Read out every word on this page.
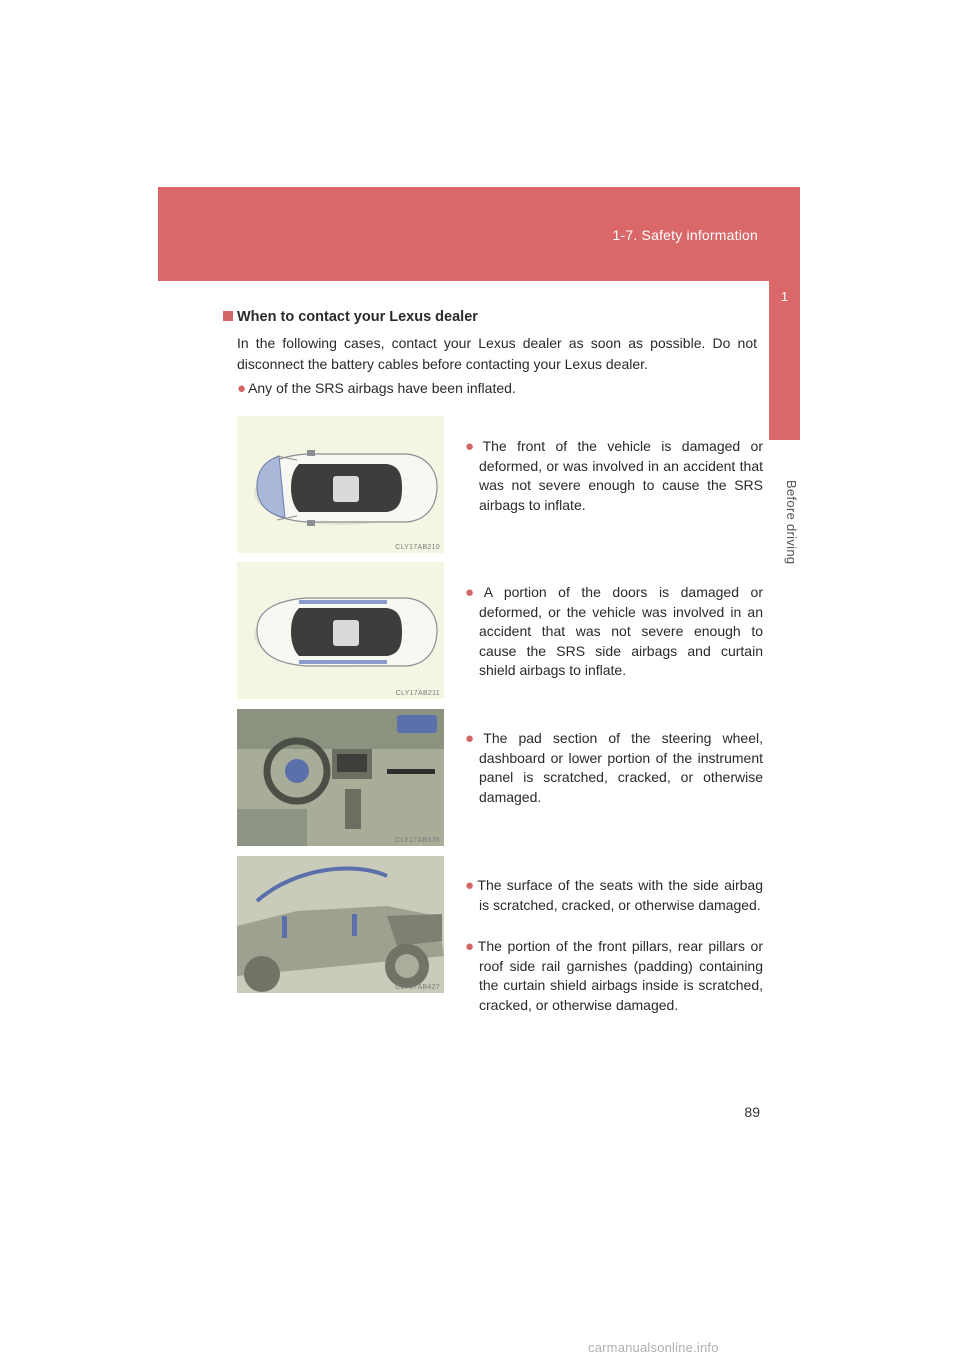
1-7. Safety information
1
Before driving
When to contact your Lexus dealer
In the following cases, contact your Lexus dealer as soon as possible. Do not disconnect the battery cables before contacting your Lexus dealer.
● Any of the SRS airbags have been inflated.
CLY17AB210
● The front of the vehicle is damaged or deformed, or was involved in an accident that was not severe enough to cause the SRS airbags to inflate.
CLY17AB211
● A portion of the doors is damaged or deformed, or the vehicle was involved in an accident that was not severe enough to cause the SRS side airbags and curtain shield airbags to inflate.
CLY17AB376
● The pad section of the steering wheel, dashboard or lower portion of the instrument panel is scratched, cracked, or otherwise damaged.
CLY17AB427
● The surface of the seats with the side airbag is scratched, cracked, or otherwise damaged.
● The portion of the front pillars, rear pillars or roof side rail garnishes (padding) containing the curtain shield airbags inside is scratched, cracked, or otherwise damaged.
89
carmanualsonline.info
